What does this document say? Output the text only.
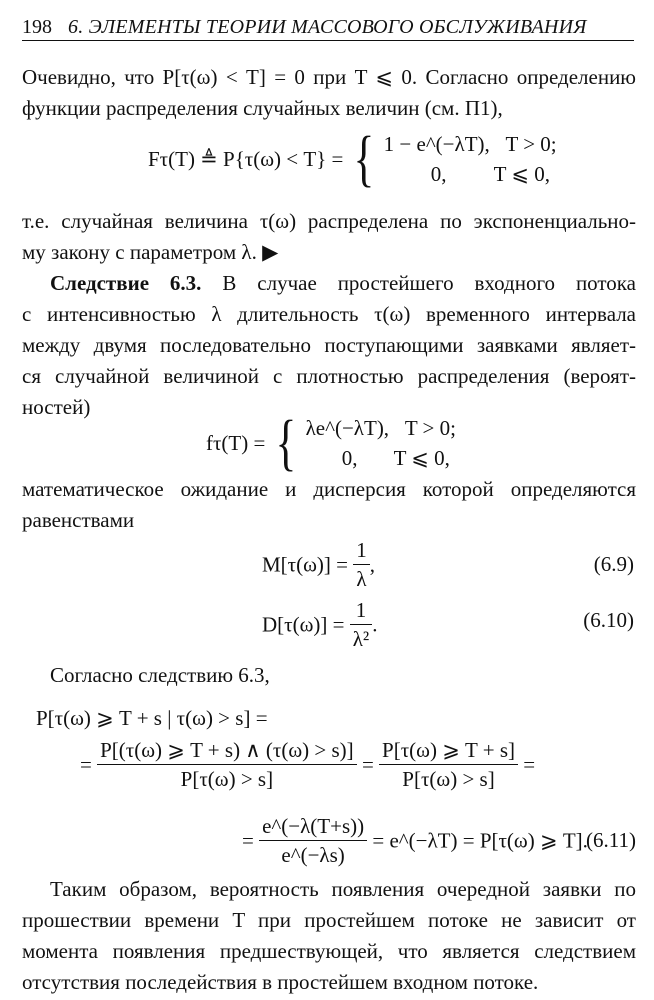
198 6. ЭЛЕМЕНТЫ ТЕОРИИ МАССОВОГО ОБСЛУЖИВАНИЯ
Очевидно, что P[τ(ω) < T] = 0 при T ⩽ 0. Согласно определению
функции распределения случайных величин (см. П1),
Fτ(T) ≜ P{τ(ω) < T} = { 1 − e^(−λT), T > 0;
0, T ⩽ 0,
т.е. случайная величина τ(ω) распределена по экспоненциально-
му закону с параметром λ. ▶
Следствие 6.3. В случае простейшего входного потока
с интенсивностью λ длительность τ(ω) временного интервала
между двумя последовательно поступающими заявками являет-
ся случайной величиной с плотностью распределения (вероят-
ностей)
fτ(T) = { λe^(−λT), T > 0;
0, T ⩽ 0,
математическое ожидание и дисперсия которой определяются
равенствами
$M[\tau(\omega)] = \frac{1}{\lambda}$ ,	(6.9)
$D[\tau(\omega)] = \frac{1}{\text{λ²}}$ .	(6.10)
Согласно следствию 6.3,
P[τ(ω) ⩾ T + s | τ(ω) > s] =
= $\frac{P[(\tau(\omega) ⩾ T + s) \wedge (\tau(\omega) > s)]}{P[\tau(\omega) > s]} = \frac{P[\tau(\omega) ⩾ T + s]}{P[\tau(\omega) > s]}$ =
= $\frac{e\^{}(-\lambda(T+s))}{e\^{}(-\lambda s)}$ = e^(−λT) = P[τ(ω) ⩾ T].
(6.11)
Таким образом, вероятность появления очередной заявки по
прошествии времени T при простейшем потоке не зависит от
момента появления предшествующей, что является следствием
отсутствия последействия в простейшем входном потоке.
